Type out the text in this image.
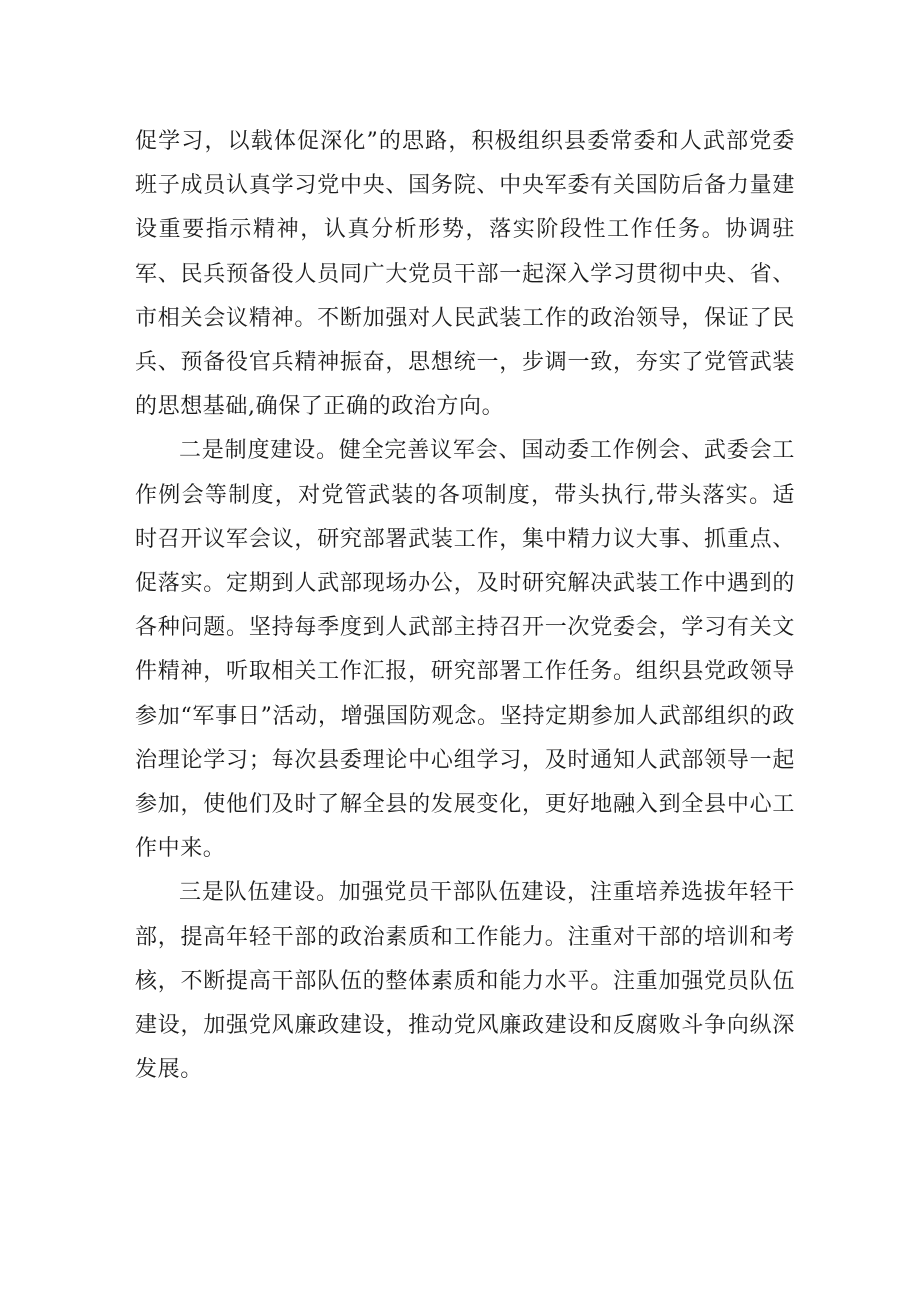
促学习，以载体促深化”的思路，积极组织县委常委和人武部党委班子成员认真学习党中央、国务院、中央军委有关国防后备力量建设重要指示精神，认真分析形势，落实阶段性工作任务。协调驻军、民兵预备役人员同广大党员干部一起深入学习贯彻中央、省、市相关会议精神。不断加强对人民武装工作的政治领导，保证了民兵、预备役官兵精神振奋，思想统一，步调一致，夯实了党管武装的思想基础,确保了正确的政治方向。

二是制度建设。健全完善议军会、国动委工作例会、武委会工作例会等制度，对党管武装的各项制度，带头执行,带头落实。适时召开议军会议，研究部署武装工作，集中精力议大事、抓重点、促落实。定期到人武部现场办公，及时研究解决武装工作中遇到的各种问题。坚持每季度到人武部主持召开一次党委会，学习有关文件精神，听取相关工作汇报，研究部署工作任务。组织县党政领导参加“军事日”活动，增强国防观念。坚持定期参加人武部组织的政治理论学习；每次县委理论中心组学习，及时通知人武部领导一起参加，使他们及时了解全县的发展变化，更好地融入到全县中心工作中来。

三是队伍建设。加强党员干部队伍建设，注重培养选拔年轻干部，提高年轻干部的政治素质和工作能力。注重对干部的培训和考核，不断提高干部队伍的整体素质和能力水平。注重加强党员队伍建设，加强党风廉政建设，推动党风廉政建设和反腐败斗争向纵深发展。
